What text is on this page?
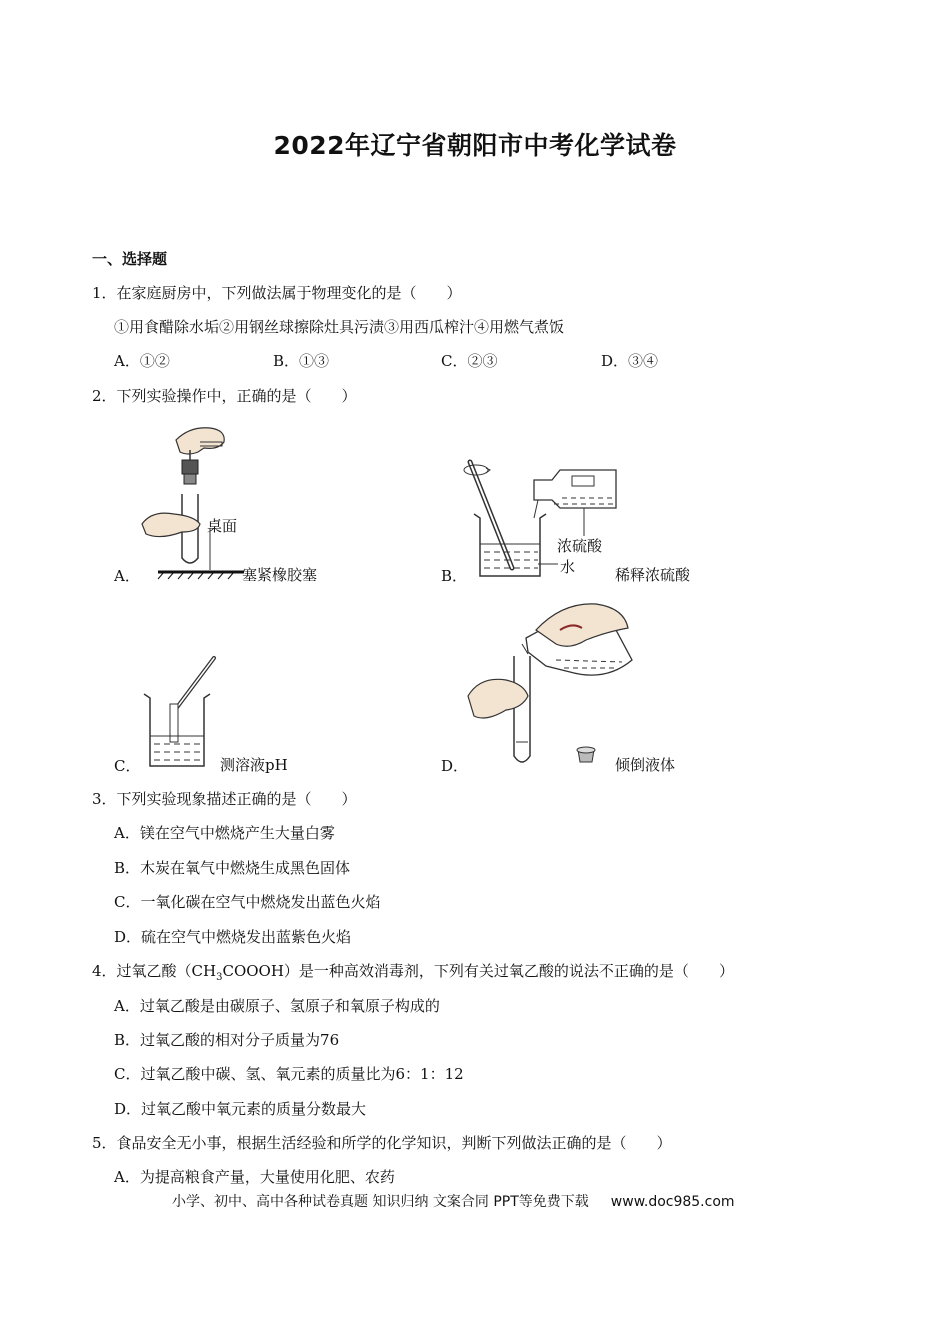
2022年辽宁省朝阳市中考化学试卷
一、选择题
1．在家庭厨房中，下列做法属于物理变化的是（　　）
①用食醋除水垢②用钢丝球擦除灶具污渍③用西瓜榨汁④用燃气煮饭
A．①②	B．①③	C．②③	D．③④
2．下列实验操作中，正确的是（　　）
桌面
A．	塞紧橡胶塞
浓硫酸
水
B．	稀释浓硫酸
C．	测溶液pH	D．	倾倒液体
3．下列实验现象描述正确的是（　　）
A．镁在空气中燃烧产生大量白雾
B．木炭在氧气中燃烧生成黑色固体
C．一氧化碳在空气中燃烧发出蓝色火焰
D．硫在空气中燃烧发出蓝紫色火焰
4．过氧乙酸$(CH_3COOOH)$是一种高效消毒剂，下列有关过氧乙酸的说法不正确的是（　　）
A．过氧乙酸是由碳原子、氢原子和氧原子构成的
B．过氧乙酸的相对分子质量为76
C．过氧乙酸中碳、氢、氧元素的质量比为6：1：12
D．过氧乙酸中氧元素的质量分数最大
5．食品安全无小事，根据生活经验和所学的化学知识，判断下列做法正确的是（　　）
A．为提高粮食产量，大量使用化肥、农药
小学、初中、高中各种试卷真题 知识归纳 文案合同 PPT等免费下载 www.doc985.com
